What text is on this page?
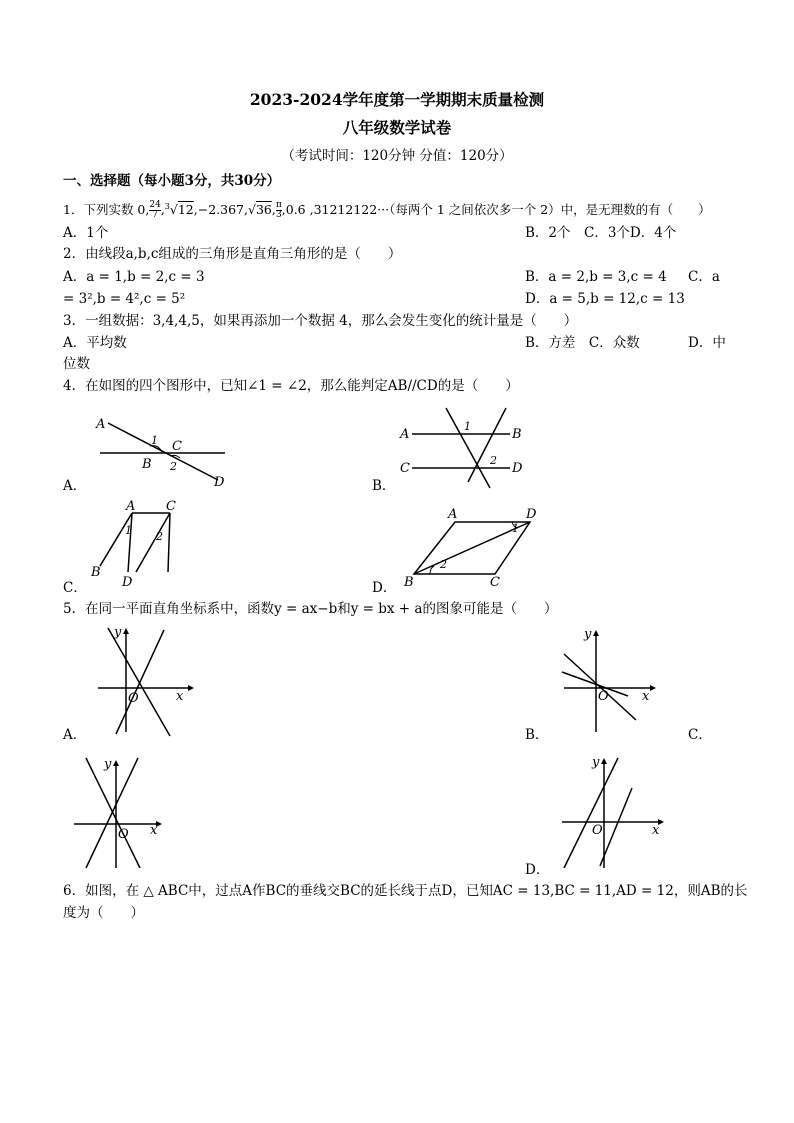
2023-2024学年度第一学期期末质量检测
八年级数学试卷
（考试时间：120分钟 分值：120分）
一、选择题（每小题3分，共30分）
1．下列实数 0, $\frac{24}{7} ,^3√12,-2.367,√36$, $\frac{\pi}{3}$ ,0.6̇ ,31212122···（每两个 1 之间依次多一个 2）中，是无理数的有（　　）
A．1个	B．2个　C．3个D．4个
2．由线段a,b,c组成的三角形是直角三角形的是（　　）
A．a = 1,b = 2,c = 3	B．a = 2,b = 3,c = 4 C．a
= 3²,b = 4²,c = 5²	D．a = 5,b = 12,c = 13
3．一组数据：3,4,4,5，如果再添加一个数据 4，那么会发生变化的统计量是（　　）
A．平均数	B．方差　C．众数	D．中
位数
4．在如图的四个图形中，已知∠1 = ∠2，那么能判定AB//CD的是（　　）
A
B
C
D
1
2
A．
A	B
C	D
1
2
B．
A C
B
D
1 2
C．
A	D
B	C
1
2
D．
5．在同一平面直角坐标系中，函数y = ax−b和y = bx + a的图象可能是（　　）
y
x
O
A．
y
x
O
B．	C．
y
x
O
y
x
O
D．
6．如图，在 △ ABC中，过点A作BC的垂线交BC的延长线于点D，已知AC = 13,BC = 11,AD = 12，则AB的长
度为（　　）
